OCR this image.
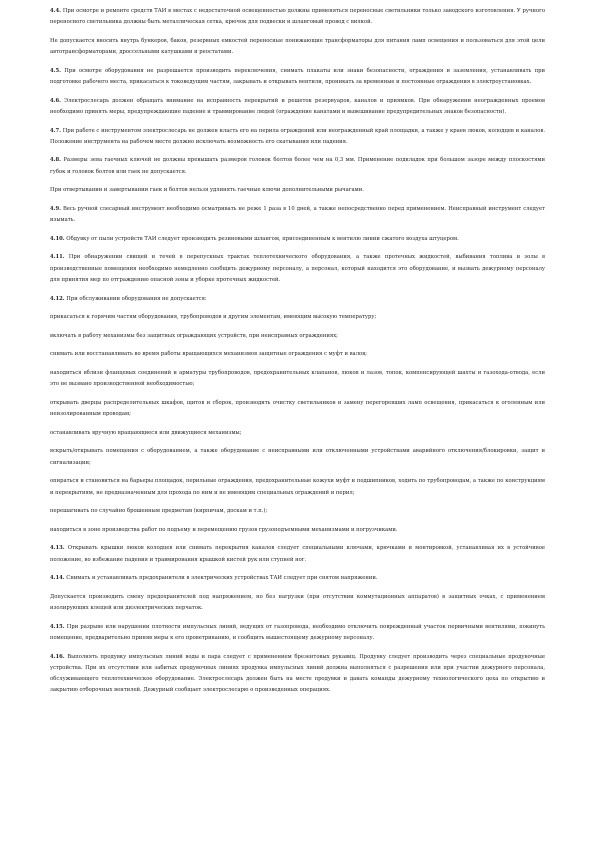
4.4. При осмотре и ремонте средств ТАИ в местах с недостаточной освещенностью должны применяться переносные светильники только заводского изготовления. У ручного переносного светильника должны быть металлическая сетка, крючок для подвески и шланговый провод с вилкой.

Не допускается вносить внутрь бункеров, баков, резервных емкостей переносные понижающие трансформаторы для питания ламп освещения и пользоваться для этой цели автотрансформаторами, дроссельными катушками и реостатами.

4.5. При осмотре оборудования не разрешается производить переключения, снимать плакаты или знаки безопасности, ограждения и заземления, устанавливать при подготовке рабочего места, прикасаться к токоведущим частям, закрывать и открывать вентили, проникать за временные и постоянные ограждения в электроустановках.

4.6. Электрослесарь должен обращать внимание на исправность перекрытий и решеток резервуаров, каналов и приямков. При обнаружении неогражденных проемов необходимо принять меры, предупреждающие падение и травмирование людей (ограждение канатами и вывешивание предупредительных знаков безопасности).

4.7. При работе с инструментом электрослесарь не должен класть его на перила ограждений или неогражденный край площадки, а также у краев люков, колодцев и каналов. Положение инструмента на рабочем месте должно исключать возможность его скатывания или падения.

4.8. Размеры зева гаечных ключей не должны превышать размеров головок болтов более чем на 0,3 мм. Применение подкладок при большом зазоре между плоскостями губок и головок болтов или гаек не допускается.

При отвертывании и завертывании гаек и болтов нельзя удлинять гаечные ключи дополнительными рычагами.

4.9. Весь ручной слесарный инструмент необходимо осматривать не реже 1 раза в 10 дней, а также непосредственно перед применением. Неисправный инструмент следует изымать.

4.10. Обдувку от пыли устройств ТАИ следует производить резиновыми шлангом, присоединенным к вентилю линии сжатого воздуха штуцером.

4.11. При обнаружении свищей и течей в перепускных трактах теплотехнического оборудования, а также протечных жидкостей, выбивания топлива и золы в производственные помещения необходимо немедленно сообщить дежурному персоналу, а персонал, который находится это оборудование, и вызвать дежурному персоналу для принятия мер по отграждению опасной зоны и уборке протечных жидкостей.

4.12. При обслуживании оборудования не допускается:

прикасаться к горячим частям оборудования, трубопроводов и другим элементам, имеющим высокую температуру;

включать в работу механизмы без защитных ограждающих устройств, при неисправных ограждениях;

снимать или восстанавливать во время работы вращающихся механизмов защитные ограждения с муфт и валов;

находиться вблизи фланцевых соединений и арматуры трубопроводов, предохранительных клапанов, люков и лазов, топок, компенсирующей шахты и газохода-отвода, если это не вызвано производственной необходимостью;

открывать дверцы распределительных шкафов, щитов и сборок, производить очистку светильников и замену перегоревших ламп освещения, прикасаться к оголенным или неизолированным проводам;

останавливать вручную вращающиеся или движущиеся механизмы;

вскрыть/открывать помещения с оборудованием, а также оборудование с неисправными или отключенными устройствами аварийного отключения/блокировки, защит и сигнализации;

опираться и становиться на барьеры площадок, перильные ограждения, предохранительные кожухи муфт и подшипников, ходить по трубопроводам, а также по конструкциям и перекрытиям, не предназначенным для прохода по ним и не имеющим специальных ограждений и перил;

перешагивать по случайно брошенным предметам (кирпичам, доскам и т.п.);

находиться в зоне производства работ по подъему и перемещению грузов грузоподъемными механизмами и погрузчиками.

4.13. Открывать крышки люков колодцев или снимать перекрытия каналов следует специальными ключами, крючками и монтировкой, устанавливая их в устойчивое положение, во избежание падения и травмирования крышкой кистей рук или ступней ног.

4.14. Снимать и устанавливать предохранители в электрических устройствах ТАИ следует при снятом напряжении.

Допускается производить смену предохранителей под напряжением, но без нагрузки (при отсутствии коммутационных аппаратов) в защитных очках, с применением изолирующих клещей или диэлектрических перчаток.

4.15. При разрыве или нарушении плотности импульсных линий, ведущих от газопровода, необходимо отключить поврежденный участок первичными вентилями, покинуть помещение, предварительно приняв меры к его проветриванию, и сообщить вышестоящему дежурному персоналу.

4.16. Выполнять продувку импульсных линий воды и пара следует с применением брезентовых рукавиц. Продувку следует производить через специальные продувочные устройства. При их отсутствии или забитых продувочных линиях продувка импульсных линий должна выполняться с разрешения или при участии дежурного персонала, обслуживающего теплотехническое оборудование. Электрослесарь должен быть на месте продувки и давать команды дежурному технологического цеха по открытию и закрытию отборочных вентилей. Дежурный сообщает электрослесарю о произведенных операциях.
